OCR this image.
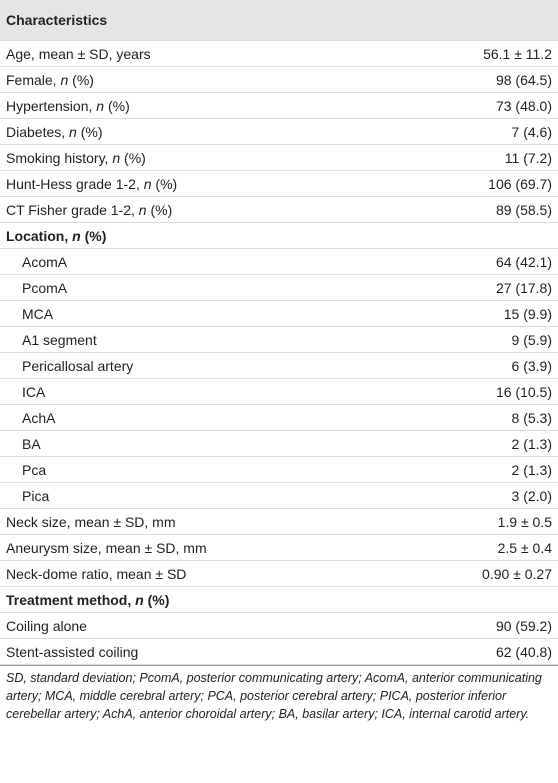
Characteristics
Age, mean ± SD, years	56.1 ± 11.2
Female, n (%)	98 (64.5)
Hypertension, n (%)	73 (48.0)
Diabetes, n (%)	7 (4.6)
Smoking history, n (%)	11 (7.2)
Hunt-Hess grade 1-2, n (%)	106 (69.7)
CT Fisher grade 1-2, n (%)	89 (58.5)
Location, n (%)
AcomA	64 (42.1)
PcomA	27 (17.8)
MCA	15 (9.9)
A1 segment	9 (5.9)
Pericallosal artery	6 (3.9)
ICA	16 (10.5)
AchA	8 (5.3)
BA	2 (1.3)
Pca	2 (1.3)
Pica	3 (2.0)
Neck size, mean ± SD, mm	1.9 ± 0.5
Aneurysm size, mean ± SD, mm	2.5 ± 0.4
Neck-dome ratio, mean ± SD	0.90 ± 0.27
Treatment method, n (%)
Coiling alone	90 (59.2)
Stent-assisted coiling	62 (40.8)
SD, standard deviation; PcomA, posterior communicating artery; AcomA, anterior communicating artery; MCA, middle cerebral artery; PCA, posterior cerebral artery; PICA, posterior inferior cerebellar artery; AchA, anterior choroidal artery; BA, basilar artery; ICA, internal carotid artery.
